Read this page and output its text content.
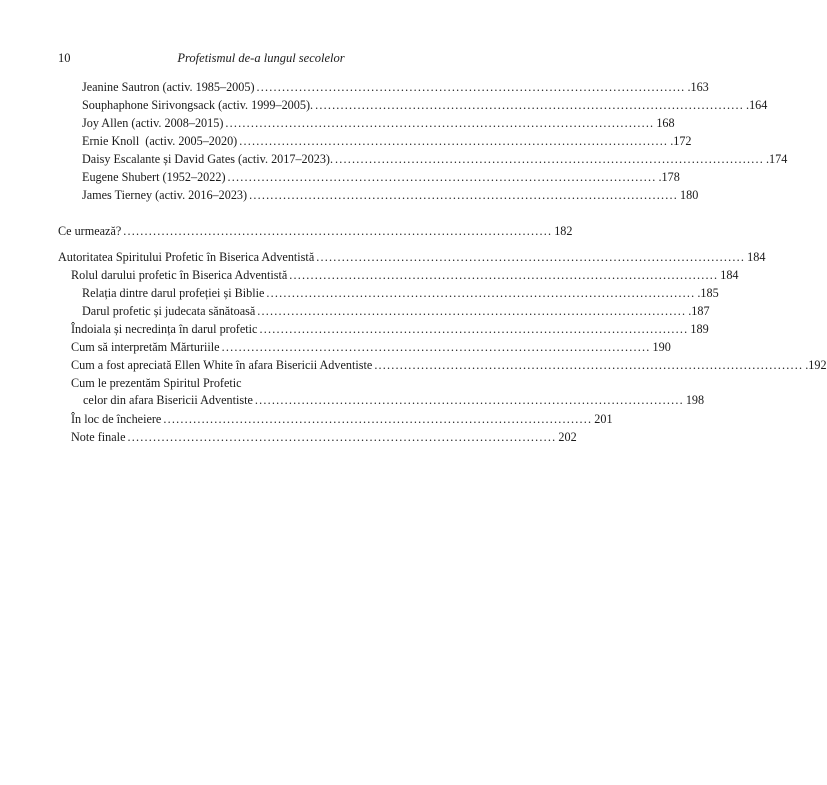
10	Profetismul de-a lungul secolelor
Jeanine Sautron (activ. 1985–2005) ..................................................................................................... .163
Souphaphone Sirivongsack (activ. 1999–2005). ..................................................................................................... .164
Joy Allen (activ. 2008–2015) ..................................................................................................... 168
Ernie Knoll  (activ. 2005–2020) ..................................................................................................... .172
Daisy Escalante și David Gates (activ. 2017–2023). ..................................................................................................... .174
Eugene Shubert (1952–2022) ..................................................................................................... .178
James Tierney (activ. 2016–2023) ..................................................................................................... 180
Ce urmează? ..................................................................................................... 182
Autoritatea Spiritului Profetic în Biserica Adventistă ..................................................................................................... 184
Rolul darului profetic în Biserica Adventistă ..................................................................................................... 184
Relația dintre darul profeției și Biblie ..................................................................................................... .185
Darul profetic și judecata sănătoasă ..................................................................................................... .187
Îndoiala și necredința în darul profetic ..................................................................................................... 189
Cum să interpretăm Mărturiile ..................................................................................................... 190
Cum a fost apreciată Ellen White în afara Bisericii Adventiste ..................................................................................................... .192
Cum le prezentăm Spiritul Profetic
celor din afara Bisericii Adventiste ..................................................................................................... 198
În loc de încheiere ..................................................................................................... 201
Note finale ..................................................................................................... 202
